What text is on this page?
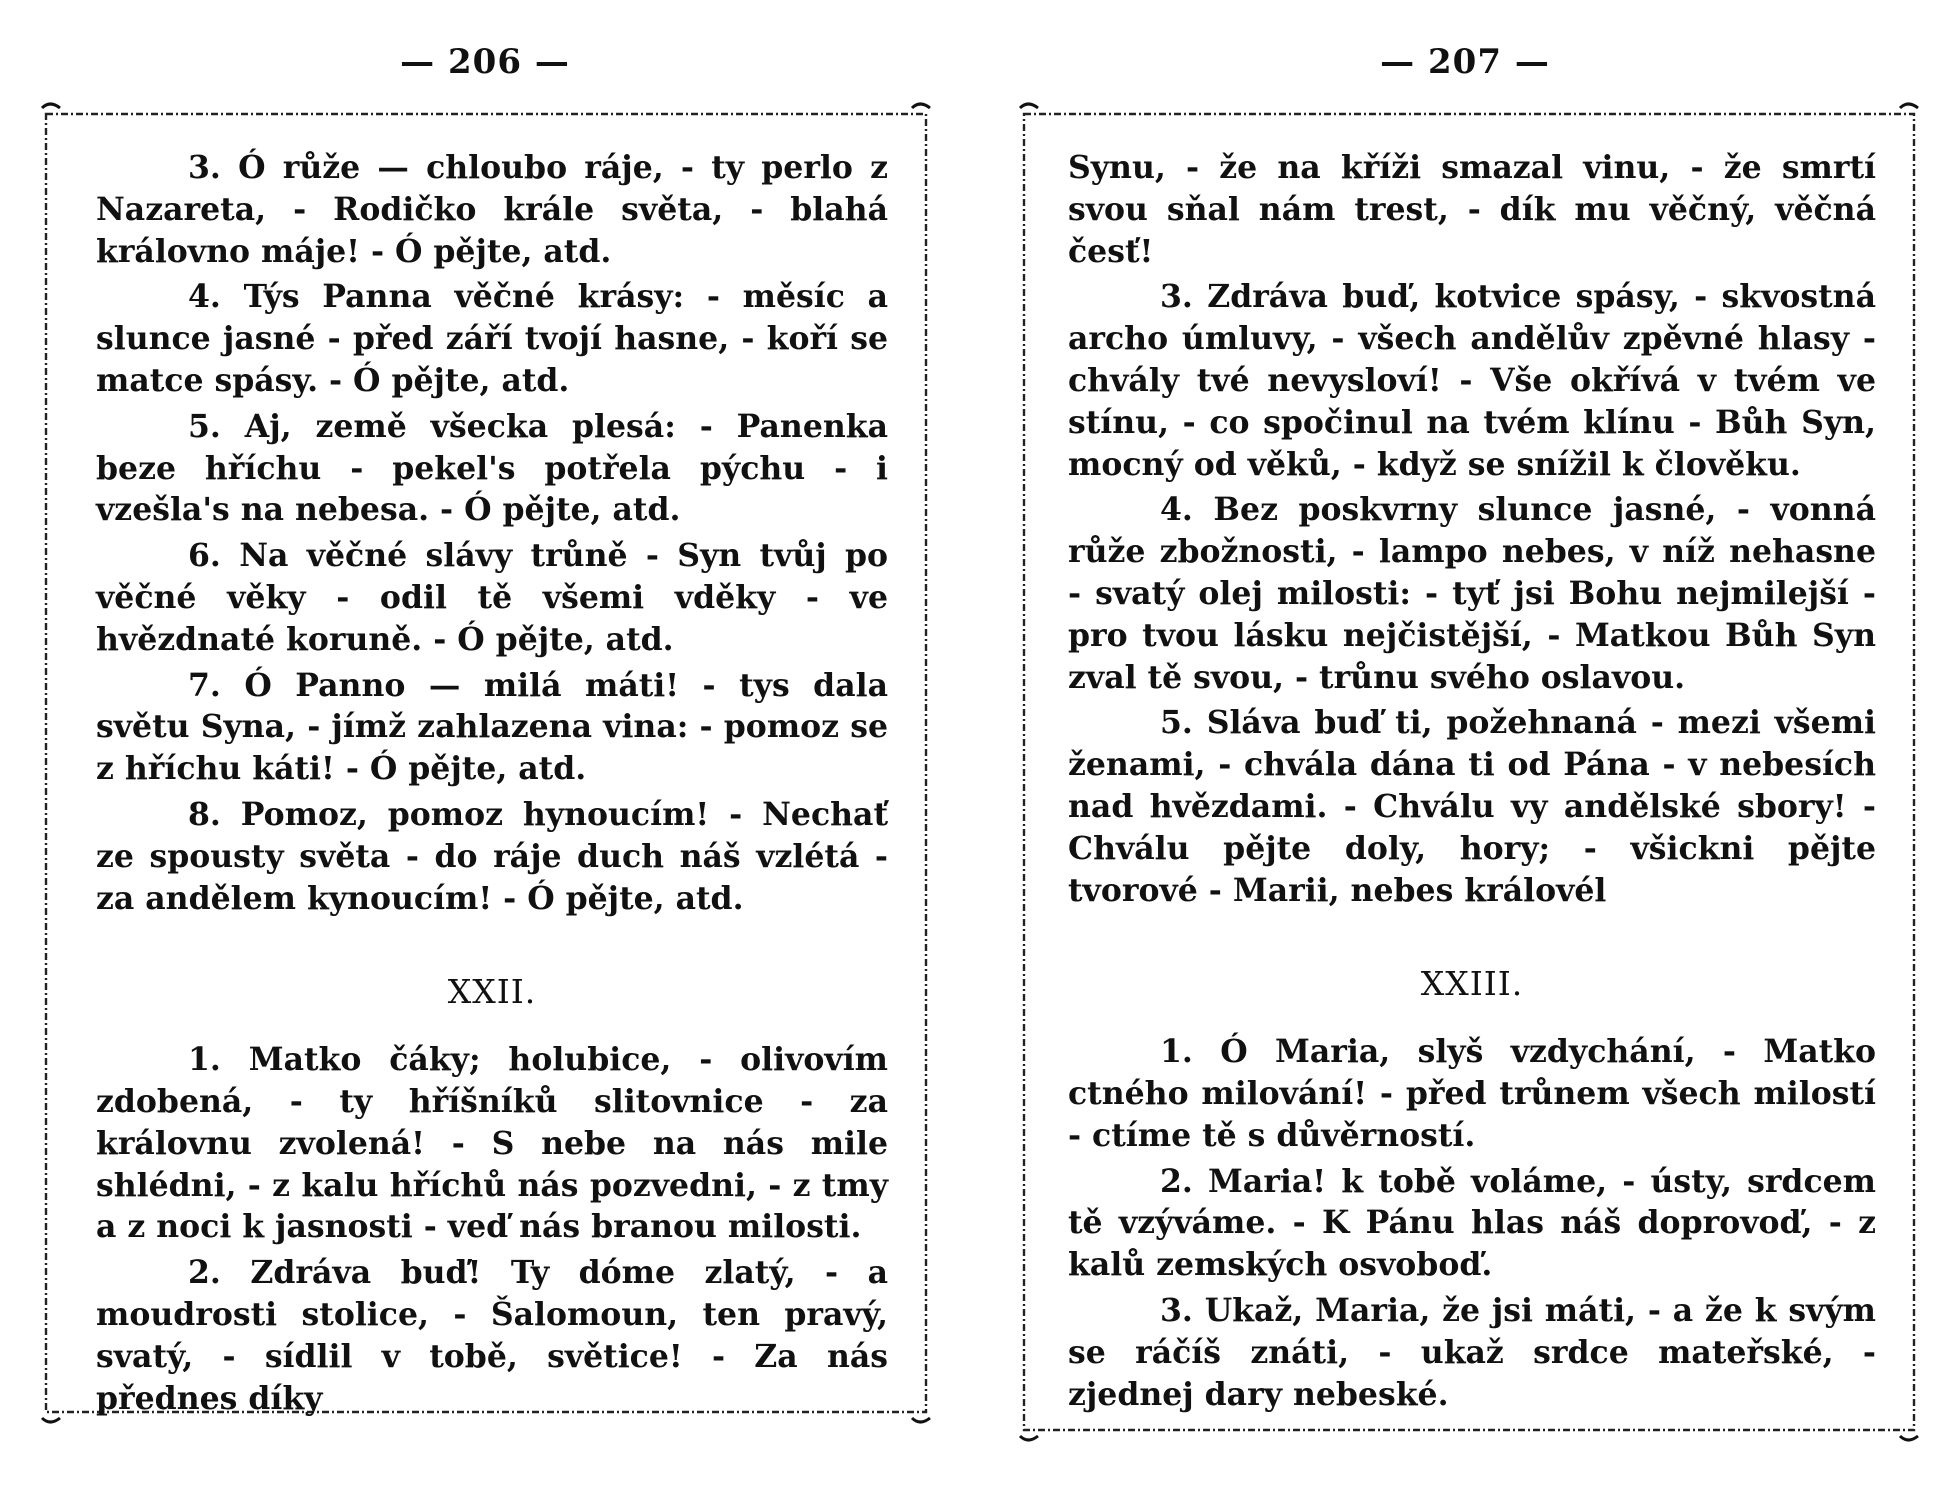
— 206 —	— 207 —

3. Ó růže — chloubo ráje, - ty perlo z Nazareta, - Rodičko krále světa, - blahá královno máje! - Ó pějte, atd.

4. Týs Panna věčné krásy: - měsíc a slunce jasné - před září tvojí hasne, - koří se matce spásy. - Ó pějte, atd.

5. Aj, země všecka plesá: - Panenka beze hříchu - pekel's potřela pýchu - i vzešla's na nebesa. - Ó pějte, atd.

6. Na věčné slávy trůně - Syn tvůj po věčné věky - odil tě všemi vděky - ve hvězdnaté koruně. - Ó pějte, atd.

7. Ó Panno — milá máti! - tys dala světu Syna, - jímž zahlazena vina: - pomoz se z hříchu káti! - Ó pějte, atd.

8. Pomoz, pomoz hynoucím! - Nechať ze spousty světa - do ráje duch náš vzlétá - za andělem kynoucím! - Ó pějte, atd.

XXII.

1. Matko čáky; holubice, - olivovím zdobená, - ty hříšníků slitovnice - za královnu zvolená! - S nebe na nás mile shlédni, - z kalu hříchů nás pozvedni, - z tmy a z noci k jasnosti - veď nás branou milosti.

2. Zdráva buď! Ty dóme zlatý, - a moudrosti stolice, - Šalomoun, ten pravý, svatý, - sídlil v tobě, světice! - Za nás přednes díky

Synu, - že na kříži smazal vinu, - že smrtí svou sňal nám trest, - dík mu věčný, věčná česť!

3. Zdráva buď, kotvice spásy, - skvostná archo úmluvy, - všech andělův zpěvné hlasy - chvály tvé nevysloví! - Vše okřívá v tvém ve stínu, - co spočinul na tvém klínu - Bůh Syn, mocný od věků, - když se snížil k člověku.

4. Bez poskvrny slunce jasné, - vonná růže zbožnosti, - lampo nebes, v níž nehasne - svatý olej milosti: - tyť jsi Bohu nejmilejší - pro tvou lásku nejčistější, - Matkou Bůh Syn zval tě svou, - trůnu svého oslavou.

5. Sláva buď ti, požehnaná - mezi všemi ženami, - chvála dána ti od Pána - v nebesích nad hvězdami. - Chválu vy andělské sbory! - Chválu pějte doly, hory; - všickni pějte tvorové - Marii, nebes královél

XXIII.

1. Ó Maria, slyš vzdychání, - Matko ctného milování! - před trůnem všech milostí - ctíme tě s důvěrností.

2. Maria! k tobě voláme, - ústy, srdcem tě vzýváme. - K Pánu hlas náš doprovoď, - z kalů zemských osvoboď.

3. Ukaž, Maria, že jsi máti, - a že k svým se ráčíš znáti, - ukaž srdce mateřské, - zjednej dary nebeské.
